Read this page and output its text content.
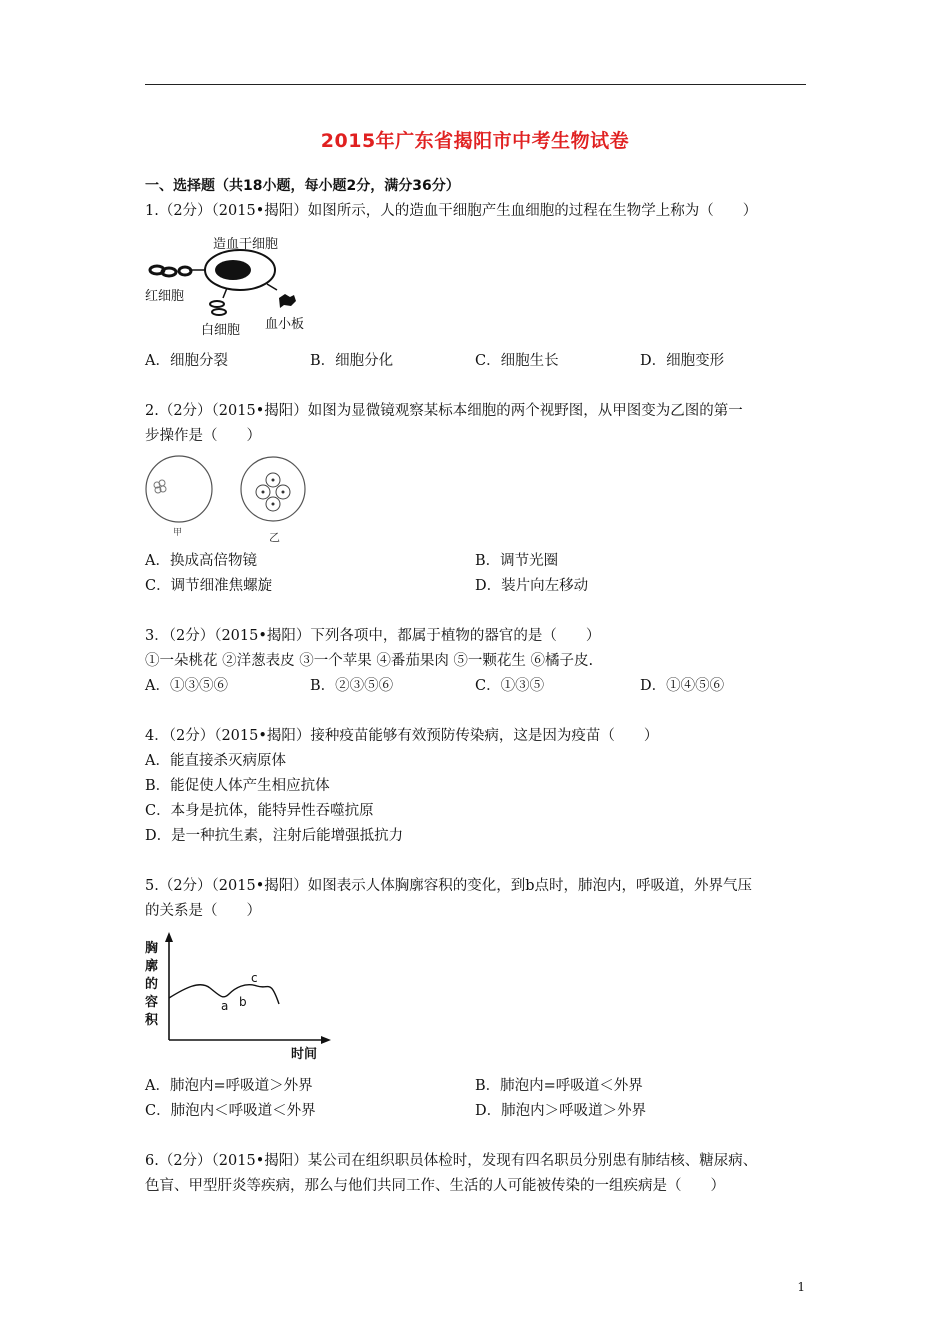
2015年广东省揭阳市中考生物试卷
一、选择题（共18小题，每小题2分，满分36分）
1.（2分）（2015•揭阳）如图所示，人的造血干细胞产生血细胞的过程在生物学上称为（　　）
造血干细胞
红细胞
白细胞 血小板
A．细胞分裂	B．细胞分化	C．细胞生长	D．细胞变形
2.（2分）（2015•揭阳）如图为显微镜观察某标本细胞的两个视野图，从甲图变为乙图的第一
步操作是（　　）
甲	乙
A．换成高倍物镜	B．调节光圈
C．调节细准焦螺旋	D．装片向左移动
3．（2分）（2015•揭阳）下列各项中，都属于植物的器官的是（　　）
①一朵桃花 ②洋葱表皮 ③一个苹果 ④番茄果肉 ⑤一颗花生 ⑥橘子皮.
A．①③⑤⑥	B．②③⑤⑥	C．①③⑤	D．①④⑤⑥
4．（2分）（2015•揭阳）接种疫苗能够有效预防传染病，这是因为疫苗（　　）
A．能直接杀灭病原体
B．能促使人体产生相应抗体
C．本身是抗体，能特异性吞噬抗原
D．是一种抗生素，注射后能增强抵抗力
5.（2分）（2015•揭阳）如图表示人体胸廓容积的变化，到b点时，肺泡内，呼吸道，外界气压
的关系是（　　）
胸
廓
的
容
积
时间
a b
c
A．肺泡内=呼吸道＞外界	B．肺泡内=呼吸道＜外界
C．肺泡内＜呼吸道＜外界	D．肺泡内＞呼吸道＞外界
6.（2分）（2015•揭阳）某公司在组织职员体检时，发现有四名职员分别患有肺结核、糖尿病、
色盲、甲型肝炎等疾病，那么与他们共同工作、生活的人可能被传染的一组疾病是（　　）
1
